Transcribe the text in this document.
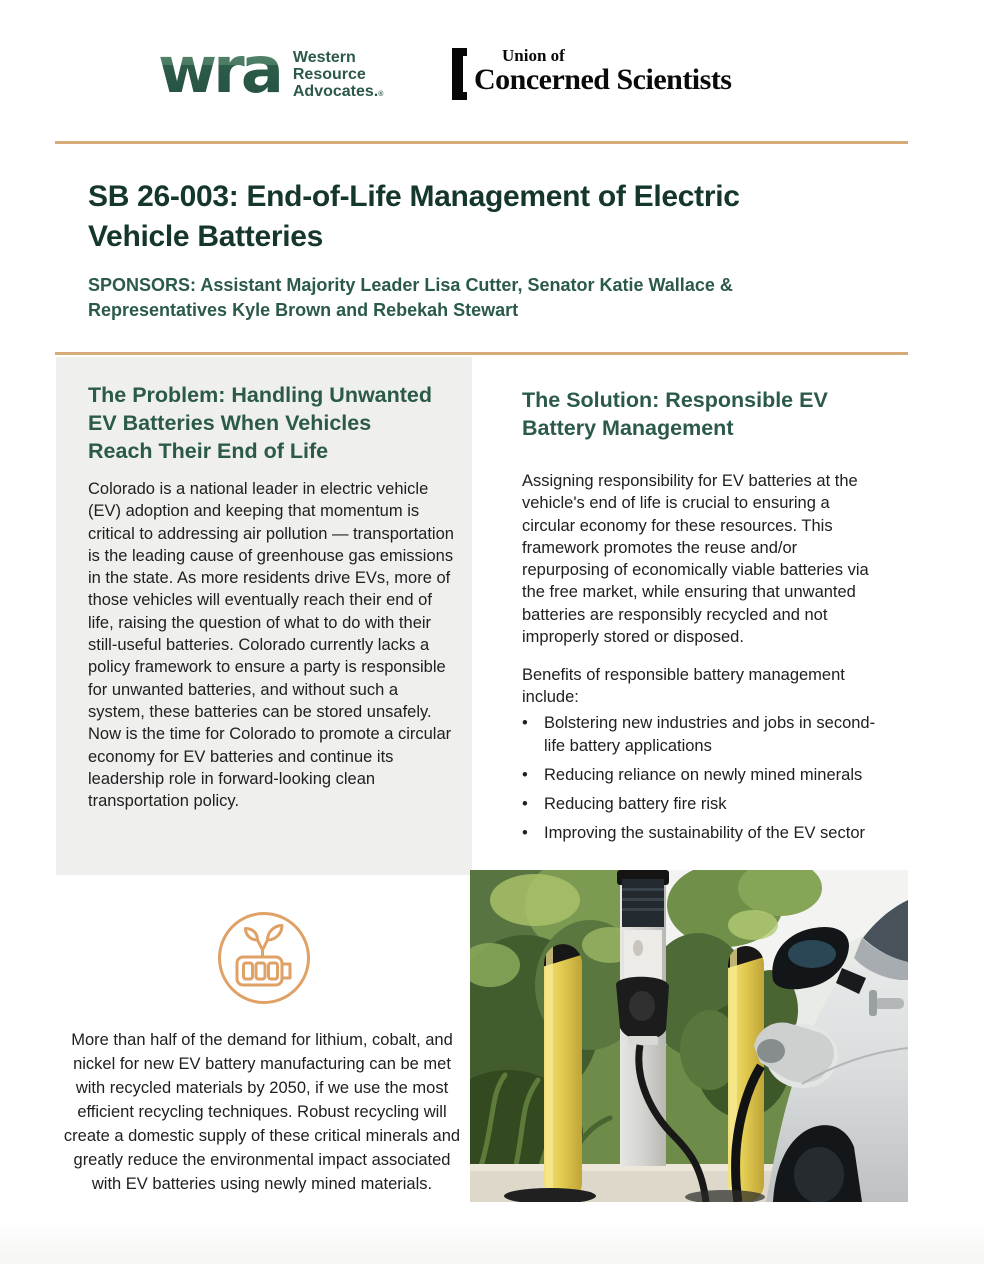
wra Western
Resource
Advocates.®
Union of
Concerned Scientists
SB 26-003: End-of-Life Management of Electric Vehicle Batteries
SPONSORS: Assistant Majority Leader Lisa Cutter, Senator Katie Wallace & Representatives Kyle Brown and Rebekah Stewart
The Problem: Handling Unwanted EV Batteries When Vehicles Reach Their End of Life

Colorado is a national leader in electric vehicle (EV) adoption and keeping that momentum is critical to addressing air pollution — transportation is the leading cause of greenhouse gas emissions in the state. As more residents drive EVs, more of those vehicles will eventually reach their end of life, raising the question of what to do with their still-useful batteries. Colorado currently lacks a policy framework to ensure a party is responsible for unwanted batteries, and without such a system, these batteries can be stored unsafely. Now is the time for Colorado to promote a circular economy for EV batteries and continue its leadership role in forward-looking clean transportation policy.

The Solution: Responsible EV Battery Management

Assigning responsibility for EV batteries at the vehicle's end of life is crucial to ensuring a circular economy for these resources. This framework promotes the reuse and/or repurposing of economically viable batteries via the free market, while ensuring that unwanted batteries are responsibly recycled and not improperly stored or disposed.

Benefits of responsible battery management include:

• Bolstering new industries and jobs in second-life battery applications
• Reducing reliance on newly mined minerals
• Reducing battery fire risk
• Improving the sustainability of the EV sector

More than half of the demand for lithium, cobalt, and nickel for new EV battery manufacturing can be met with recycled materials by 2050, if we use the most efficient recycling techniques. Robust recycling will create a domestic supply of these critical minerals and greatly reduce the environmental impact associated with EV batteries using newly mined materials.
